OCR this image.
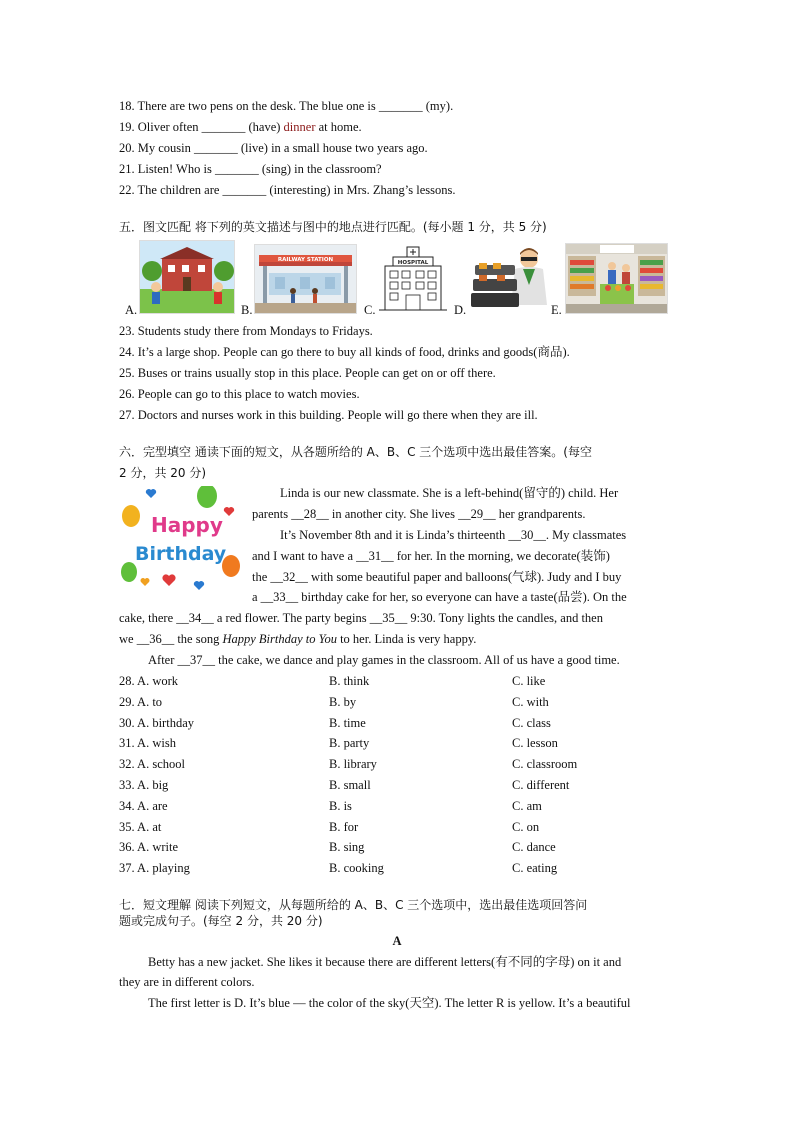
18. There are two pens on the desk. The blue one is _______ (my).
19. Oliver often _______ (have) dinner at home.
20. My cousin _______ (live) in a small house two years ago.
21. Listen! Who is _______ (sing) in the classroom?
22. The children are _______ (interesting) in Mrs. Zhang’s lessons.
五．图文匹配 将下列的英文描述与图中的地点进行匹配。(每小题 1 分，共 5 分)
A.	B.
RAILWAY STATION
C.
HOSPITAL
D.	E.
23. Students study there from Mondays to Fridays.
24. It’s a large shop. People can go there to buy all kinds of food, drinks and goods(商品).
25. Buses or trains usually stop in this place. People can get on or off there.
26. People can go to this place to watch movies.
27. Doctors and nurses work in this building. People will go there when they are ill.
六．完型填空 通读下面的短文，从各题所给的 A、B、C 三个选项中选出最佳答案。(每空
2 分，共 20 分)
Happy
Birthday
Linda is our new classmate. She is a left-behind(留守的) child. Her
parents __28__ in another city. She lives __29__ her grandparents.
It’s November 8th and it is Linda’s thirteenth __30__. My classmates
and I want to have a __31__ for her. In the morning, we decorate(装饰)
the __32__ with some beautiful paper and balloons(气球). Judy and I buy
a __33__ birthday cake for her, so everyone can have a taste(品尝). On the
cake, there __34__ a red flower. The party begins __35__ 9:30. Tony lights the candles, and then
we __36__ the song Happy Birthday to You to her. Linda is very happy.
After __37__ the cake, we dance and play games in the classroom. All of us have a good time.
28. A. work	B. think	C. like
29. A. to	B. by	C. with
30. A. birthday	B. time	C. class
31. A. wish	B. party	C. lesson
32. A. school	B. library	C. classroom
33. A. big	B. small	C. different
34. A. are	B. is	C. am
35. A. at	B. for	C. on
36. A. write	B. sing	C. dance
37. A. playing	B. cooking	C. eating
七．短文理解 阅读下列短文，从每题所给的 A、B、C 三个选项中，选出最佳选项回答问
题或完成句子。(每空 2 分，共 20 分)
A
Betty has a new jacket. She likes it because there are different letters(有不同的字母) on it and
they are in different colors.
The first letter is D. It’s blue — the color of the sky(天空). The letter R is yellow. It’s a beautiful
